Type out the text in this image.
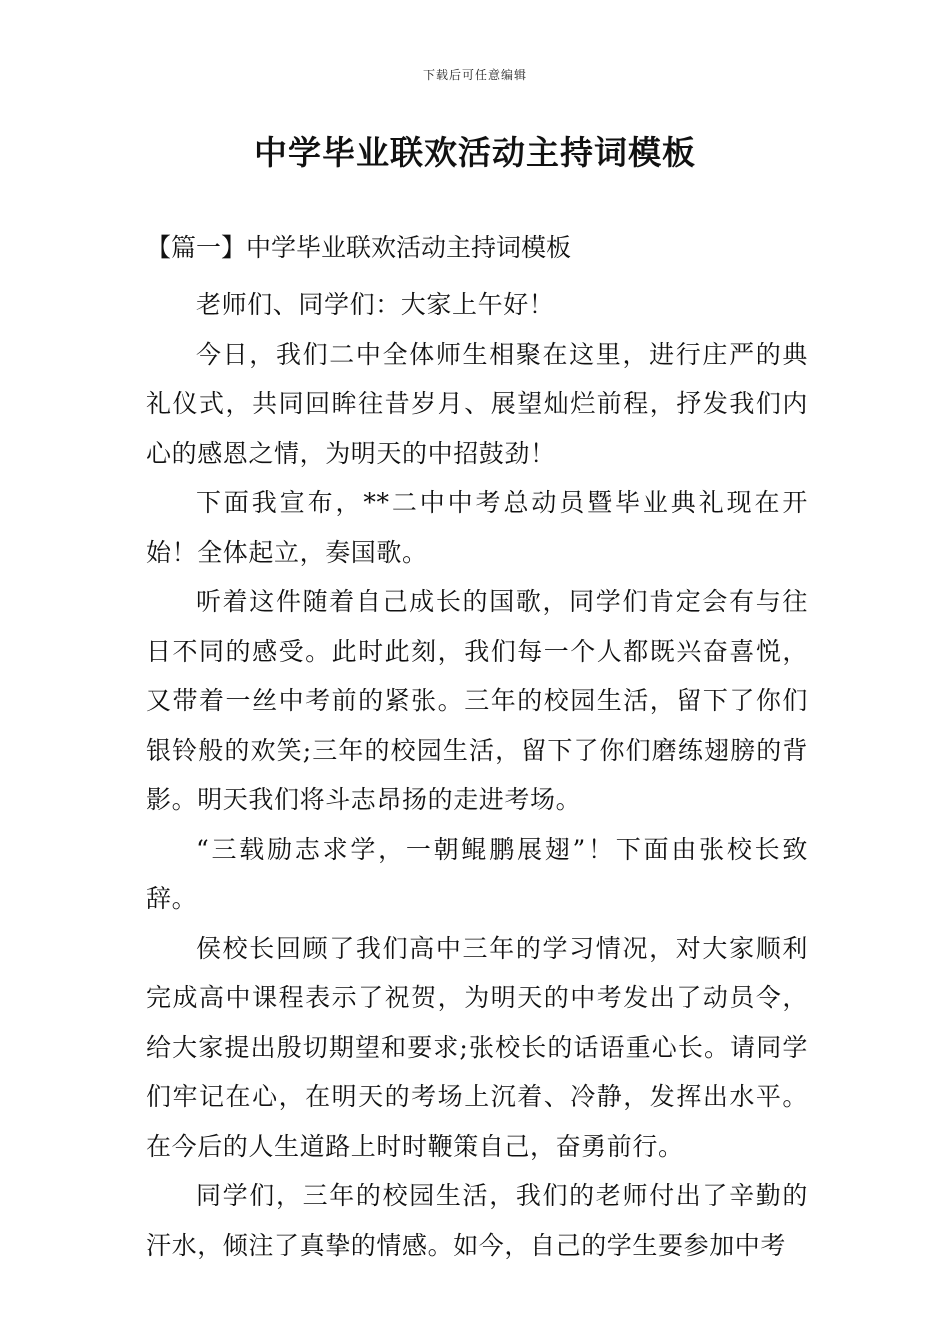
下载后可任意编辑
中学毕业联欢活动主持词模板
【篇一】中学毕业联欢活动主持词模板

老师们、同学们：大家上午好！

今日，我们二中全体师生相聚在这里，进行庄严的典礼仪式，共同回眸往昔岁月、展望灿烂前程，抒发我们内心的感恩之情，为明天的中招鼓劲！

下面我宣布，**二中中考总动员暨毕业典礼现在开始！全体起立，奏国歌。

听着这件随着自己成长的国歌，同学们肯定会有与往日不同的感受。此时此刻，我们每一个人都既兴奋喜悦，又带着一丝中考前的紧张。三年的校园生活，留下了你们银铃般的欢笑;三年的校园生活，留下了你们磨练翅膀的背影。明天我们将斗志昂扬的走进考场。

“三载励志求学，一朝鲲鹏展翅”！下面由张校长致辞。

侯校长回顾了我们高中三年的学习情况，对大家顺利完成高中课程表示了祝贺，为明天的中考发出了动员令，给大家提出殷切期望和要求;张校长的话语重心长。请同学们牢记在心，在明天的考场上沉着、冷静，发挥出水平。在今后的人生道路上时时鞭策自己，奋勇前行。

同学们，三年的校园生活，我们的老师付出了辛勤的汗水，倾注了真挚的情感。如今，自己的学生要参加中考
